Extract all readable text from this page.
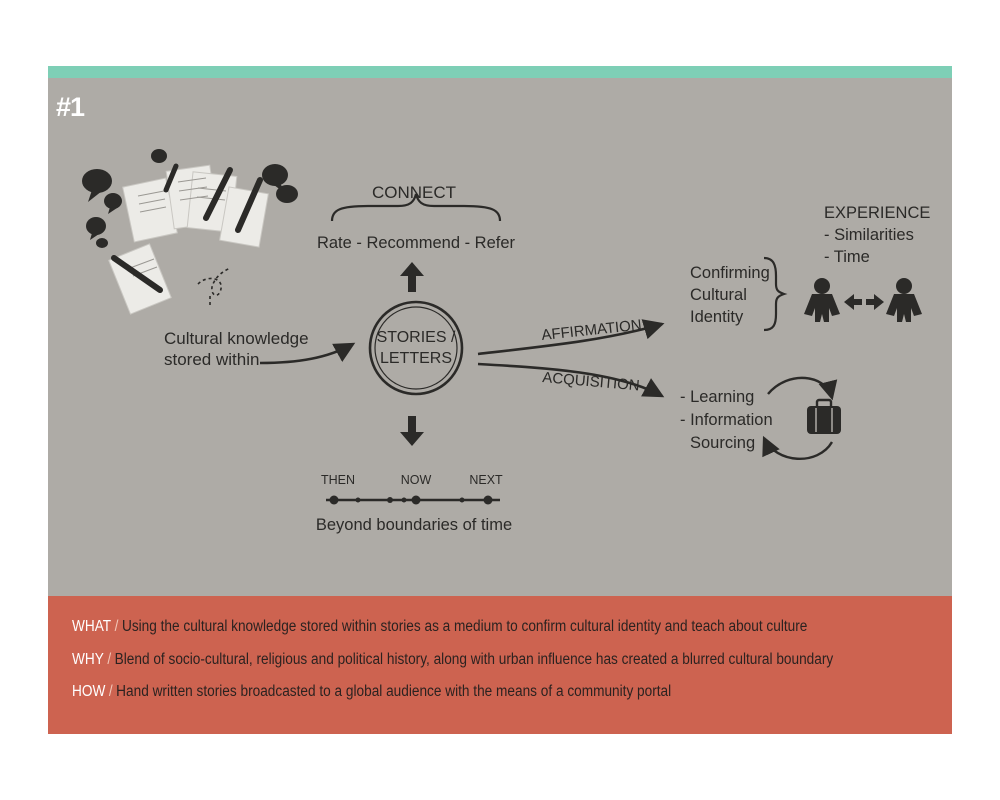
Cultural knowledge
stored within
STORIES /
LETTERS
CONNECT
Rate - Recommend - Refer
THEN	NOW	NEXT
Beyond boundaries of time
AFFIRMATION
ACQUISITION
Confirming
Cultural
Identity
EXPERIENCE
- Similarities
- Time
- Learning
- Information
Sourcing
#1
WHAT / Using the cultural knowledge stored within stories as a medium to confirm cultural identity and teach about culture
WHY / Blend of socio-cultural, religious and political history, along with urban influence has created a blurred cultural boundary
HOW / Hand written stories broadcasted to a global audience with the means of a community portal
